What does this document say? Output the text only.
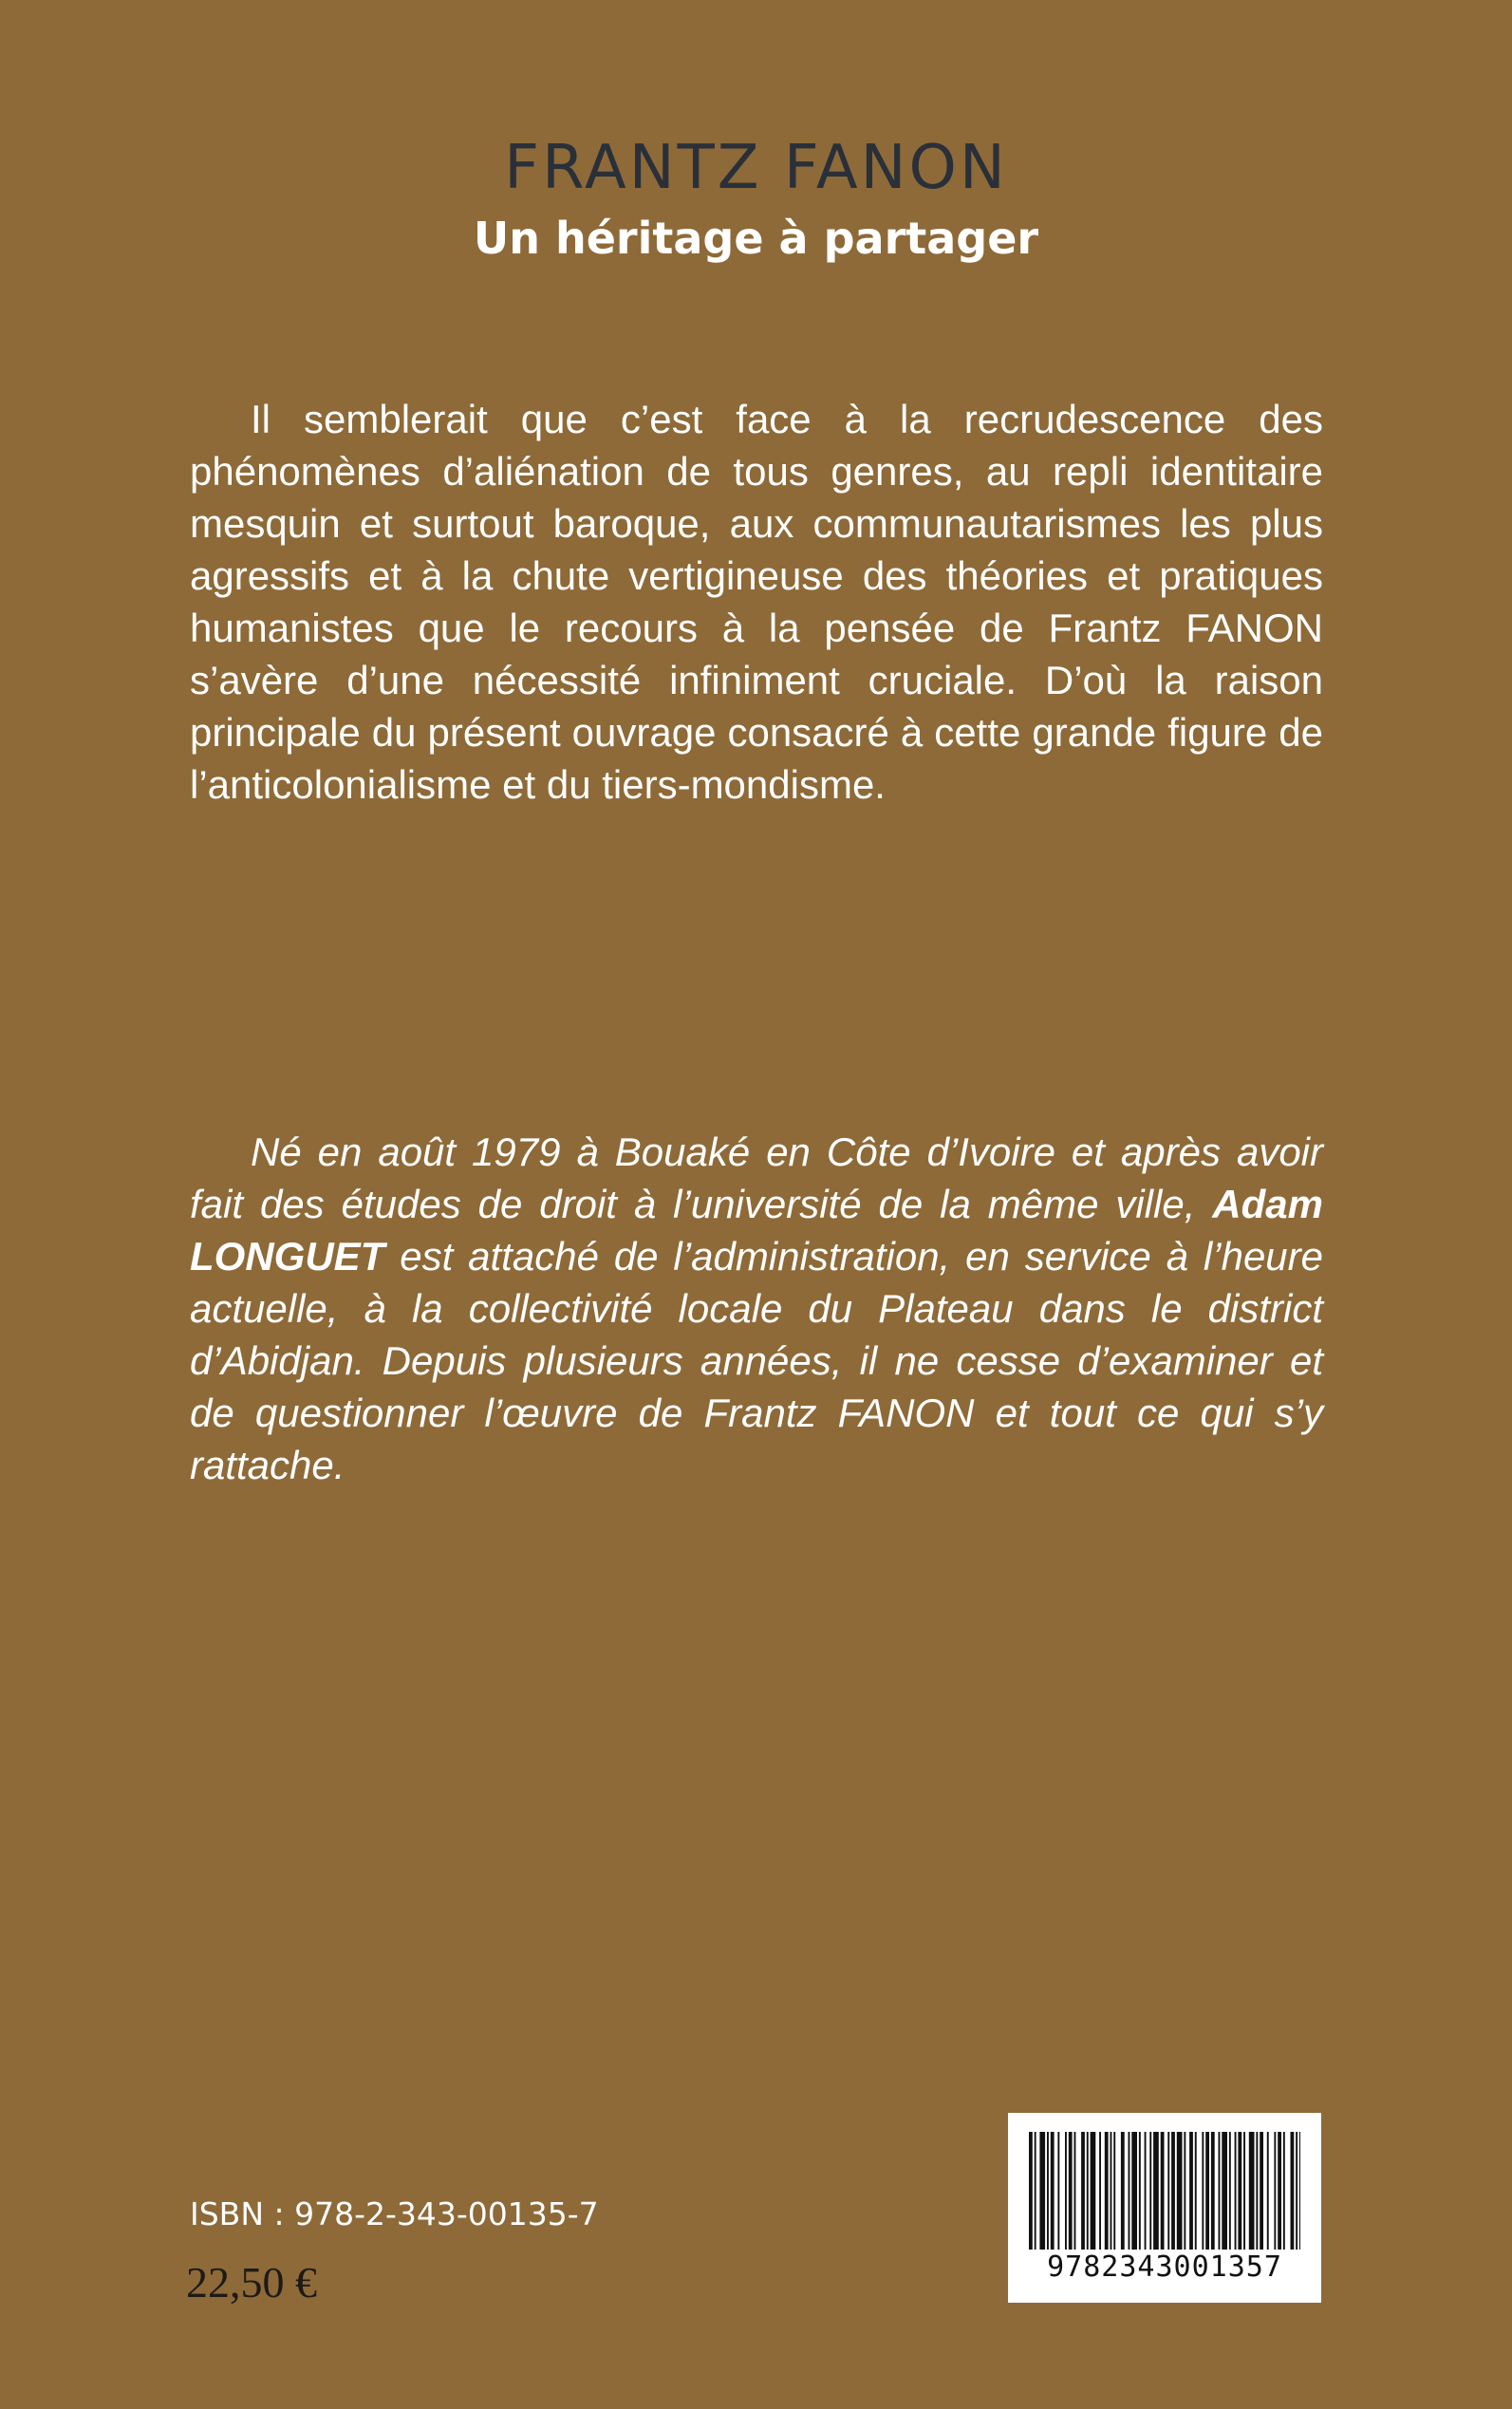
FRANTZ FANON
Un héritage à partager

Il semblerait que c’est face à la recrudescence des phénomènes d’aliénation de tous genres, au repli identitaire mesquin et surtout baroque, aux communautarismes les plus agressifs et à la chute vertigineuse des théories et pratiques humanistes que le recours à la pensée de Frantz FANON s’avère d’une nécessité infiniment cruciale. D’où la raison principale du présent ouvrage consacré à cette grande figure de l’anticolonialisme et du tiers-mondisme.

Né en août 1979 à Bouaké en Côte d’Ivoire et après avoir fait des études de droit à l’université de la même ville, Adam LONGUET est attaché de l’administration, en service à l’heure actuelle, à la collectivité locale du Plateau dans le district d’Abidjan. Depuis plusieurs années, il ne cesse d’examiner et de questionner l’œuvre de Frantz FANON et tout ce qui s’y rattache.

ISBN : 978-2-343-00135-7
22,50 €	9782343001357
